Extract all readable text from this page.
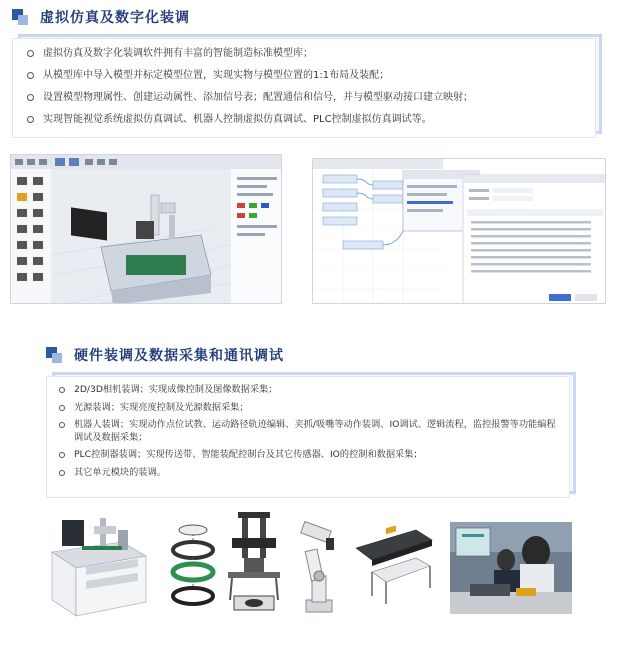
虚拟仿真及数字化装调
虚拟仿真及数字化装调软件拥有丰富的智能制造标准模型库；
从模型库中导入模型并标定模型位置，实现实物与模型位置的1:1布局及装配；
设置模型物理属性、创建运动属性、添加信号表；配置通信和信号，并与模型驱动接口建立映射；
实现智能视觉系统虚拟仿真调试、机器人控制虚拟仿真调试、PLC控制虚拟仿真调试等。
硬件装调及数据采集和通讯调试
2D/3D相机装调；实现成像控制及图像数据采集；
光源装调；实现亮度控制及光源数据采集；
机器人装调；实现动作点位试教、运动路径轨迹编辑、夹抓/吸嘴等动作装调、IO调试、逻辑流程，监控报警等功能编程调试及数据采集；
PLC控制器装调；实现传送带、智能装配控制台及其它传感器、IO的控制和数据采集；
其它单元模块的装调。
